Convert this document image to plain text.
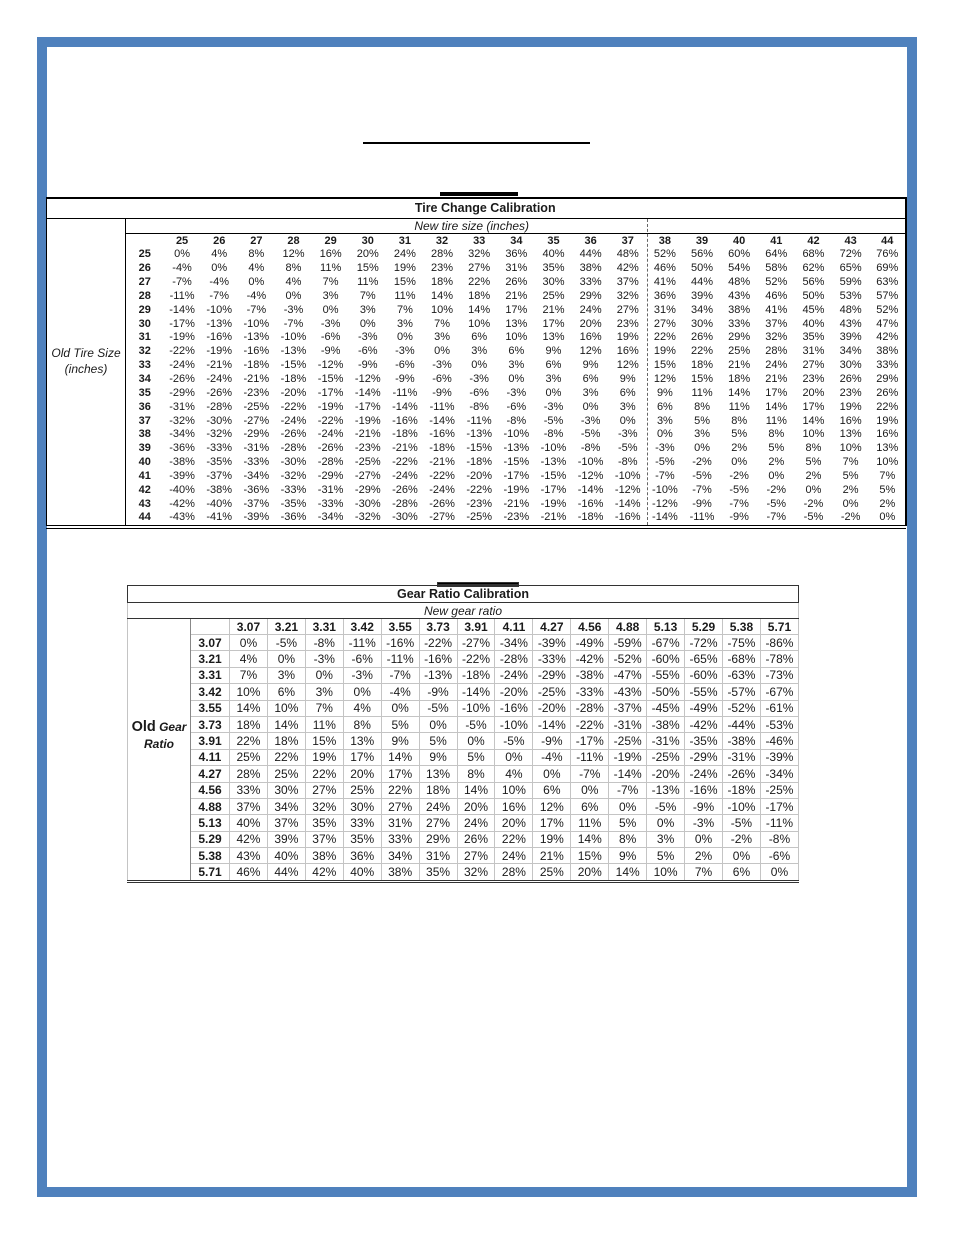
Tire Change Calibration																					
Old Tire Size
(inches)	New tire size (inches)																				
		25	26	27	28	29	30	31	32	33	34	35	36	37	38	39	40	41	42	43	44
	25	0%	4%	8%	12%	16%	20%	24%	28%	32%	36%	40%	44%	48%	52%	56%	60%	64%	68%	72%	76%
	26	-4%	0%	4%	8%	11%	15%	19%	23%	27%	31%	35%	38%	42%	46%	50%	54%	58%	62%	65%	69%
	27	-7%	-4%	0%	4%	7%	11%	15%	18%	22%	26%	30%	33%	37%	41%	44%	48%	52%	56%	59%	63%
	28	-11%	-7%	-4%	0%	3%	7%	11%	14%	18%	21%	25%	29%	32%	36%	39%	43%	46%	50%	53%	57%
	29	-14%	-10%	-7%	-3%	0%	3%	7%	10%	14%	17%	21%	24%	27%	31%	34%	38%	41%	45%	48%	52%
	30	-17%	-13%	-10%	-7%	-3%	0%	3%	7%	10%	13%	17%	20%	23%	27%	30%	33%	37%	40%	43%	47%
	31	-19%	-16%	-13%	-10%	-6%	-3%	0%	3%	6%	10%	13%	16%	19%	22%	26%	29%	32%	35%	39%	42%
	32	-22%	-19%	-16%	-13%	-9%	-6%	-3%	0%	3%	6%	9%	12%	16%	19%	22%	25%	28%	31%	34%	38%
	33	-24%	-21%	-18%	-15%	-12%	-9%	-6%	-3%	0%	3%	6%	9%	12%	15%	18%	21%	24%	27%	30%	33%
	34	-26%	-24%	-21%	-18%	-15%	-12%	-9%	-6%	-3%	0%	3%	6%	9%	12%	15%	18%	21%	23%	26%	29%
	35	-29%	-26%	-23%	-20%	-17%	-14%	-11%	-9%	-6%	-3%	0%	3%	6%	9%	11%	14%	17%	20%	23%	26%
	36	-31%	-28%	-25%	-22%	-19%	-17%	-14%	-11%	-8%	-6%	-3%	0%	3%	6%	8%	11%	14%	17%	19%	22%
	37	-32%	-30%	-27%	-24%	-22%	-19%	-16%	-14%	-11%	-8%	-5%	-3%	0%	3%	5%	8%	11%	14%	16%	19%
	38	-34%	-32%	-29%	-26%	-24%	-21%	-18%	-16%	-13%	-10%	-8%	-5%	-3%	0%	3%	5%	8%	10%	13%	16%
	39	-36%	-33%	-31%	-28%	-26%	-23%	-21%	-18%	-15%	-13%	-10%	-8%	-5%	-3%	0%	2%	5%	8%	10%	13%
	40	-38%	-35%	-33%	-30%	-28%	-25%	-22%	-21%	-18%	-15%	-13%	-10%	-8%	-5%	-2%	0%	2%	5%	7%	10%
	41	-39%	-37%	-34%	-32%	-29%	-27%	-24%	-22%	-20%	-17%	-15%	-12%	-10%	-7%	-5%	-2%	0%	2%	5%	7%
	42	-40%	-38%	-36%	-33%	-31%	-29%	-26%	-24%	-22%	-19%	-17%	-14%	-12%	-10%	-7%	-5%	-2%	0%	2%	5%
	43	-42%	-40%	-37%	-35%	-33%	-30%	-28%	-26%	-23%	-21%	-19%	-16%	-14%	-12%	-9%	-7%	-5%	-2%	0%	2%
	44	-43%	-41%	-39%	-36%	-34%	-32%	-30%	-27%	-25%	-23%	-21%	-18%	-16%	-14%	-11%	-9%	-7%	-5%	-2%	0%
Gear Ratio Calibration																
New gear ratio																
Old Gear
Ratio		3.07	3.21	3.31	3.42	3.55	3.73	3.91	4.11	4.27	4.56	4.88	5.13	5.29	5.38	5.71
	3.07	0%	-5%	-8%	-11%	-16%	-22%	-27%	-34%	-39%	-49%	-59%	-67%	-72%	-75%	-86%
	3.21	4%	0%	-3%	-6%	-11%	-16%	-22%	-28%	-33%	-42%	-52%	-60%	-65%	-68%	-78%
	3.31	7%	3%	0%	-3%	-7%	-13%	-18%	-24%	-29%	-38%	-47%	-55%	-60%	-63%	-73%
	3.42	10%	6%	3%	0%	-4%	-9%	-14%	-20%	-25%	-33%	-43%	-50%	-55%	-57%	-67%
	3.55	14%	10%	7%	4%	0%	-5%	-10%	-16%	-20%	-28%	-37%	-45%	-49%	-52%	-61%
	3.73	18%	14%	11%	8%	5%	0%	-5%	-10%	-14%	-22%	-31%	-38%	-42%	-44%	-53%
	3.91	22%	18%	15%	13%	9%	5%	0%	-5%	-9%	-17%	-25%	-31%	-35%	-38%	-46%
	4.11	25%	22%	19%	17%	14%	9%	5%	0%	-4%	-11%	-19%	-25%	-29%	-31%	-39%
	4.27	28%	25%	22%	20%	17%	13%	8%	4%	0%	-7%	-14%	-20%	-24%	-26%	-34%
	4.56	33%	30%	27%	25%	22%	18%	14%	10%	6%	0%	-7%	-13%	-16%	-18%	-25%
	4.88	37%	34%	32%	30%	27%	24%	20%	16%	12%	6%	0%	-5%	-9%	-10%	-17%
	5.13	40%	37%	35%	33%	31%	27%	24%	20%	17%	11%	5%	0%	-3%	-5%	-11%
	5.29	42%	39%	37%	35%	33%	29%	26%	22%	19%	14%	8%	3%	0%	-2%	-8%
	5.38	43%	40%	38%	36%	34%	31%	27%	24%	21%	15%	9%	5%	2%	0%	-6%
	5.71	46%	44%	42%	40%	38%	35%	32%	28%	25%	20%	14%	10%	7%	6%	0%
